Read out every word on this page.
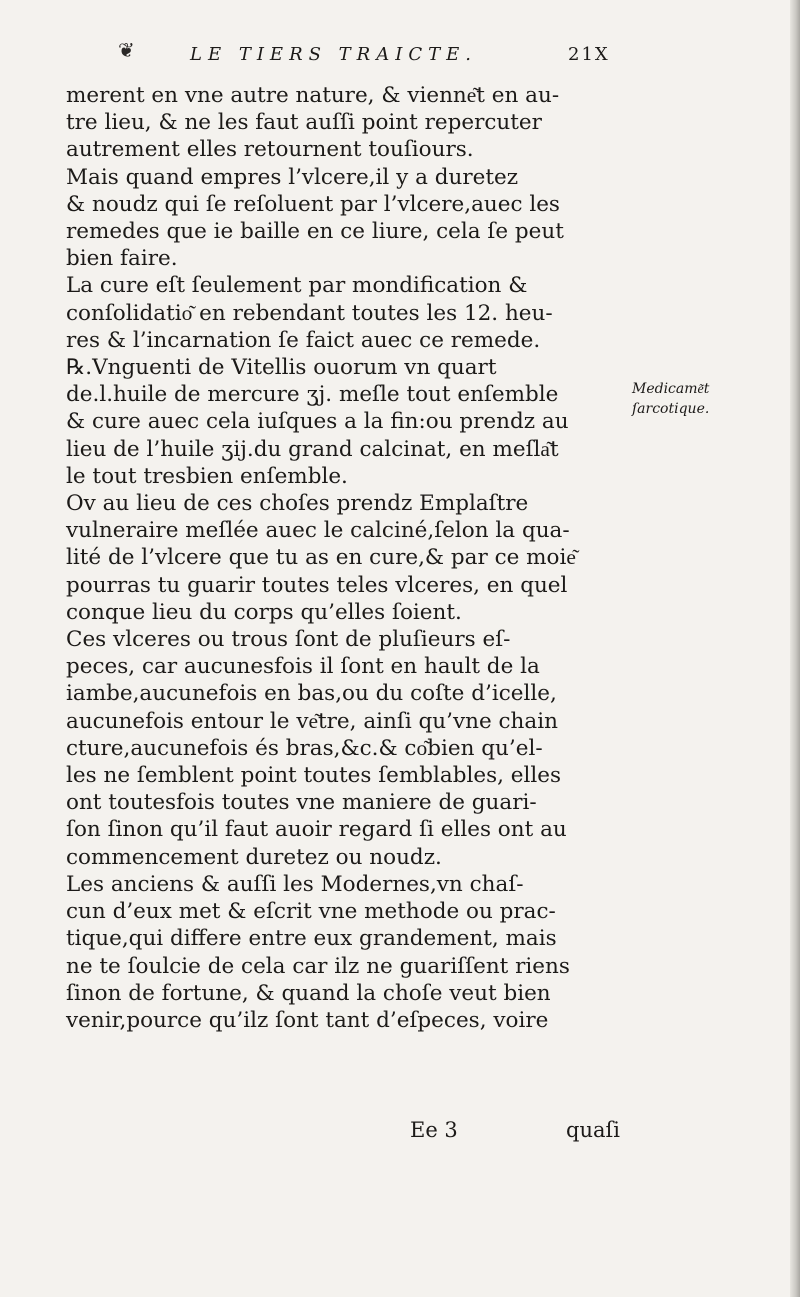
❦	LE TIERS TRAICTE.	21X
merent en vne autre nature, & vienne͂t en au-
tre lieu, & ne les faut auſſi point repercuter
autrement elles retournent touſiours.
Mais quand empres l’vlcere,il y a duretez
& noudz qui ſe reſoluent par l’vlcere,auec les
remedes que ie baille en ce liure, cela ſe peut
bien faire.
La cure eſt ſeulement par mondification &
conſolidatio͂ en rebendant toutes les 12. heu-
res & l’incarnation ſe faict auec ce remede.
℞.Vnguenti de Vitellis ouorum vn quart
de.l.huile de mercure ʒj. meſle tout enſemble
& cure auec cela iuſques a la fin:ou prendz au
lieu de l’huile ʒij.du grand calcinat, en meſla͂t
le tout tresbien enſemble.
Ov au lieu de ces choſes prendz Emplaſtre
vulneraire meſlée auec le calciné,ſelon la qua-
lité de l’vlcere que tu as en cure,& par ce moie͂
pourras tu guarir toutes teles vlceres, en quel
conque lieu du corps qu’elles ſoient.
Ces vlceres ou trous ſont de pluſieurs eſ-
peces, car aucunesfois il ſont en hault de la
iambe,aucunefois en bas,ou du coſte d’icelle,
aucunefois entour le ve͂tre, ainſi qu’vne chain
cture,aucunefois és bras,&c.& co͂bien qu’el-
les ne ſemblent point toutes ſemblables, elles
ont toutesfois toutes vne maniere de guari-
ſon ſinon qu’il faut auoir regard ſi elles ont au
commencement duretez ou noudz.
Les anciens & auſſi les Modernes,vn chaſ-
cun d’eux met & eſcrit vne methode ou prac-
tique,qui differe entre eux grandement, mais
ne te ſoulcie de cela car ilz ne guariſſent riens
ſinon de fortune, & quand la choſe veut bien
venir,pource qu’ilz ſont tant d’eſpeces, voire
Medicame͂t
ſarcotique.
Ee 3	quaſi
